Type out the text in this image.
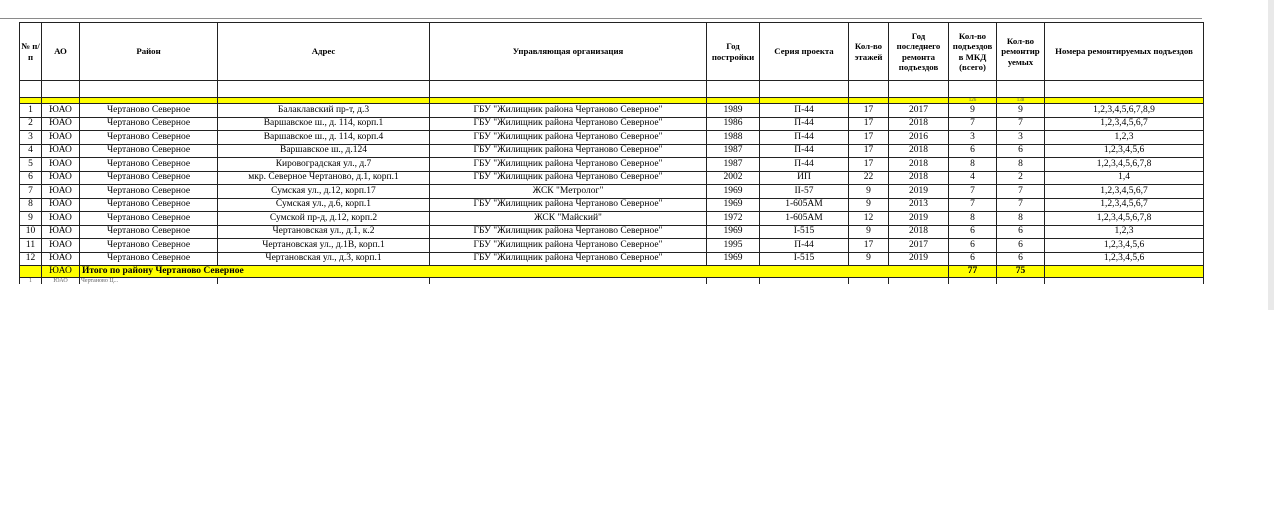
№ п/п	АО	Район	Адрес	Управляющая организация	Год постройки	Серия проекта	Кол-во этажей	Год последнего ремонта подъездов	Кол-во подъездов в МКД (всего)	Кол-во ремонтир уемых	Номера ремонтируемых подъездов

									126	138	
1	ЮАО	Чертаново Северное	Балаклавский пр-т, д.3	ГБУ "Жилищник района Чертаново Северное"	1989	П-44	17	2017	9	9	1,2,3,4,5,6,7,8,9
2	ЮАО	Чертаново Северное	Варшавское ш., д. 114, корп.1	ГБУ "Жилищник района Чертаново Северное"	1986	П-44	17	2018	7	7	1,2,3,4,5,6,7
3	ЮАО	Чертаново Северное	Варшавское ш., д. 114, корп.4	ГБУ "Жилищник района Чертаново Северное"	1988	П-44	17	2016	3	3	1,2,3
4	ЮАО	Чертаново Северное	Варшавское ш., д.124	ГБУ "Жилищник района Чертаново Северное"	1987	П-44	17	2018	6	6	1,2,3,4,5,6
5	ЮАО	Чертаново Северное	Кировоградская ул., д.7	ГБУ "Жилищник района Чертаново Северное"	1987	П-44	17	2018	8	8	1,2,3,4,5,6,7,8
6	ЮАО	Чертаново Северное	мкр. Северное Чертаново, д.1, корп.1	ГБУ "Жилищник района Чертаново Северное"	2002	ИП	22	2018	4	2	1,4
7	ЮАО	Чертаново Северное	Сумская ул., д.12, корп.17	ЖСК "Метролог"	1969	II-57	9	2019	7	7	1,2,3,4,5,6,7
8	ЮАО	Чертаново Северное	Сумская ул., д.6, корп.1	ГБУ "Жилищник района Чертаново Северное"	1969	1-605АМ	9	2013	7	7	1,2,3,4,5,6,7
9	ЮАО	Чертаново Северное	Сумской пр-д, д.12, корп.2	ЖСК "Майский"	1972	1-605АМ	12	2019	8	8	1,2,3,4,5,6,7,8
10	ЮАО	Чертаново Северное	Чертановская ул., д.1, к.2	ГБУ "Жилищник района Чертаново Северное"	1969	I-515	9	2018	6	6	1,2,3
11	ЮАО	Чертаново Северное	Чертановская ул., д.1В, корп.1	ГБУ "Жилищник района Чертаново Северное"	1995	П-44	17	2017	6	6	1,2,3,4,5,6
12	ЮАО	Чертаново Северное	Чертановская ул., д.3, корп.1	ГБУ "Жилищник района Чертаново Северное"	1969	I-515	9	2019	6	6	1,2,3,4,5,6
	ЮАО	Итого по району Чертаново Северное							77	75	
1	ЮАО	Чертаново Ц...									
